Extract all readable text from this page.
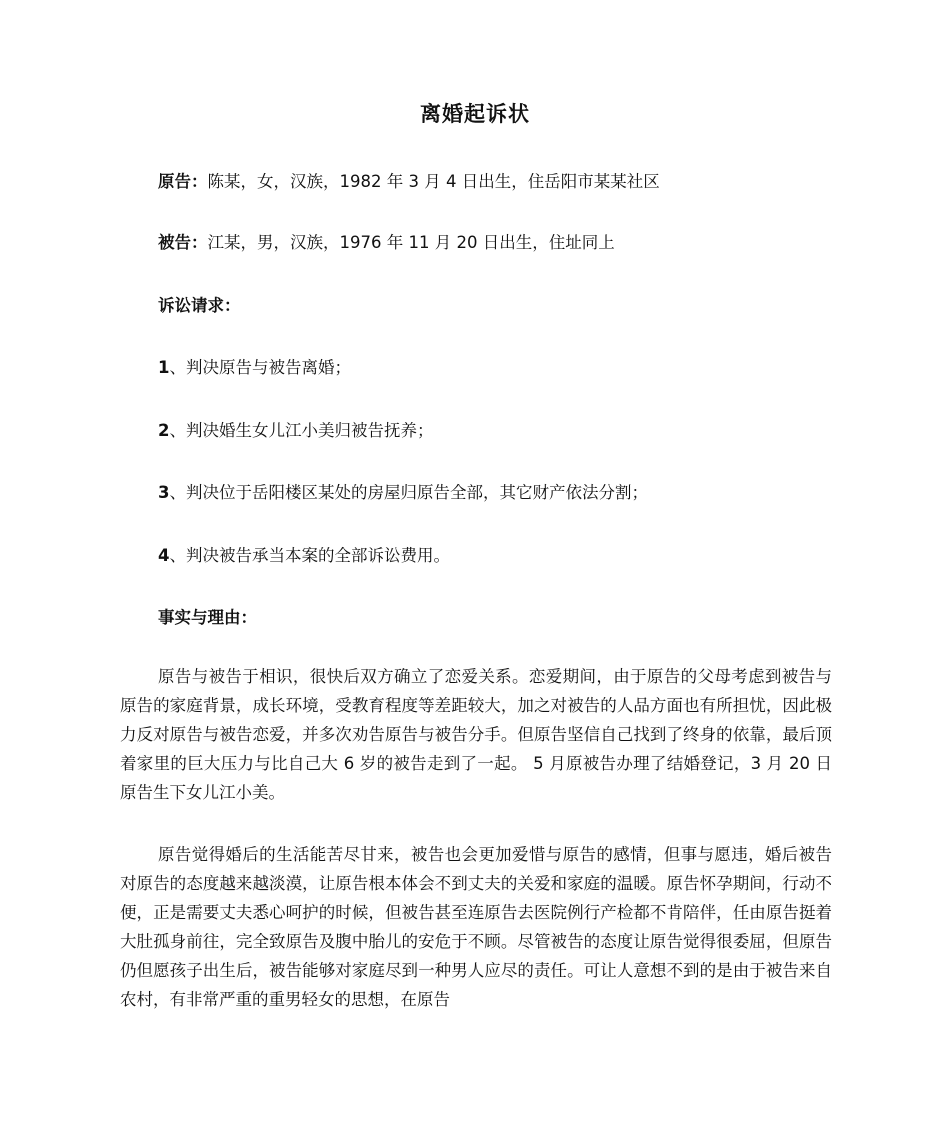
离婚起诉状
原告：陈某，女，汉族，1982 年 3 月 4 日出生，住岳阳市某某社区
被告：江某，男，汉族，1976 年 11 月 20 日出生，住址同上
诉讼请求：
1、判决原告与被告离婚；
2、判决婚生女儿江小美归被告抚养；
3、判决位于岳阳楼区某处的房屋归原告全部，其它财产依法分割；
4、判决被告承当本案的全部诉讼费用。
事实与理由：
原告与被告于相识，很快后双方确立了恋爱关系。恋爱期间，由于原告的父母考虑到被告与原告的家庭背景，成长环境，受教育程度等差距较大，加之对被告的人品方面也有所担忧，因此极力反对原告与被告恋爱，并多次劝告原告与被告分手。但原告坚信自己找到了终身的依靠，最后顶着家里的巨大压力与比自己大 6 岁的被告走到了一起。 5 月原被告办理了结婚登记，3 月 20 日原告生下女儿江小美。
原告觉得婚后的生活能苦尽甘来，被告也会更加爱惜与原告的感情，但事与愿违，婚后被告对原告的态度越来越淡漠，让原告根本体会不到丈夫的关爱和家庭的温暖。原告怀孕期间，行动不便，正是需要丈夫悉心呵护的时候，但被告甚至连原告去医院例行产检都不肯陪伴，任由原告挺着大肚孤身前往，完全致原告及腹中胎儿的安危于不顾。尽管被告的态度让原告觉得很委屈，但原告仍但愿孩子出生后，被告能够对家庭尽到一种男人应尽的责任。可让人意想不到的是由于被告来自农村，有非常严重的重男轻女的思想，在原告
